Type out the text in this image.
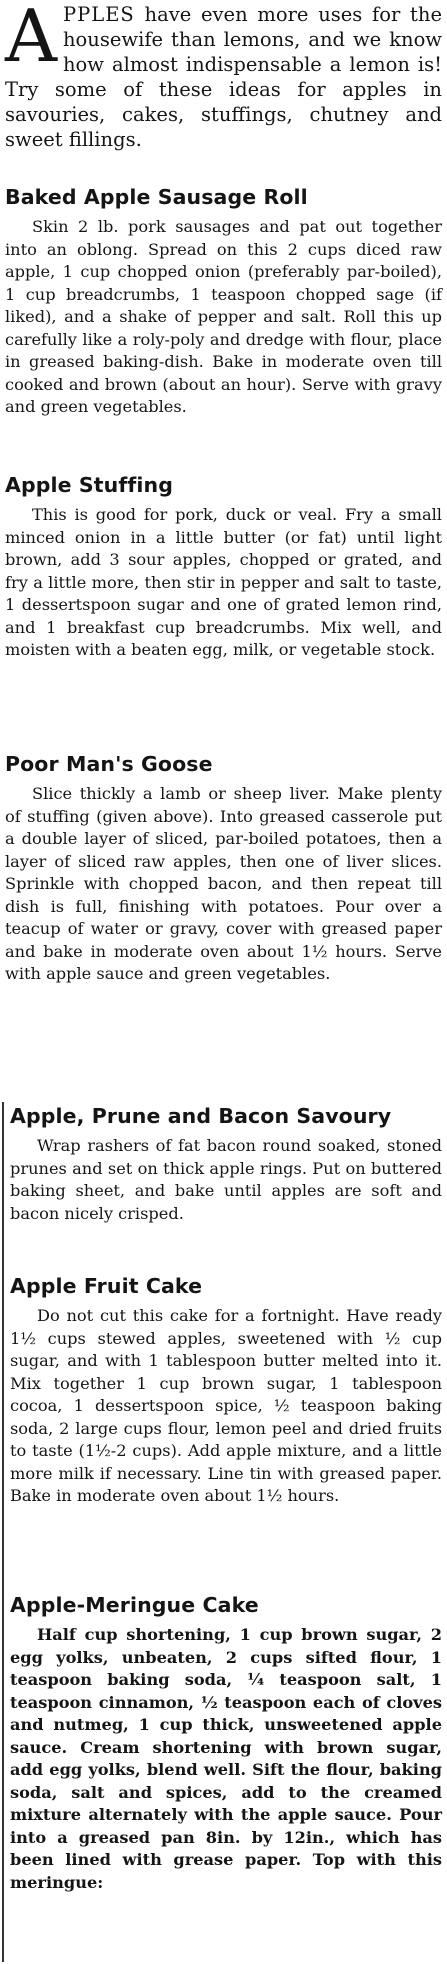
A PPLES have even more uses for the housewife than lemons, and we know how almost indispensable a lemon is! Try some of these ideas for apples in savouries, cakes, stuffings, chutney and sweet fillings.

Baked Apple Sausage Roll

Skin 2 lb. pork sausages and pat out together into an oblong. Spread on this 2 cups diced raw apple, 1 cup chopped onion (preferably par-boiled), 1 cup breadcrumbs, 1 teaspoon chopped sage (if liked), and a shake of pepper and salt. Roll this up carefully like a roly-poly and dredge with flour, place in greased baking-dish. Bake in moderate oven till cooked and brown (about an hour). Serve with gravy and green vegetables.

Apple Stuffing

This is good for pork, duck or veal. Fry a small minced onion in a little butter (or fat) until light brown, add 3 sour apples, chopped or grated, and fry a little more, then stir in pepper and salt to taste, 1 dessertspoon sugar and one of grated lemon rind, and 1 breakfast cup breadcrumbs. Mix well, and moisten with a beaten egg, milk, or vegetable stock.

Poor Man's Goose

Slice thickly a lamb or sheep liver. Make plenty of stuffing (given above). Into greased casserole put a double layer of sliced, par-boiled potatoes, then a layer of sliced raw apples, then one of liver slices. Sprinkle with chopped bacon, and then repeat till dish is full, finishing with potatoes. Pour over a teacup of water or gravy, cover with greased paper and bake in moderate oven about 1½ hours. Serve with apple sauce and green vegetables.

Apple, Prune and Bacon Savoury

Wrap rashers of fat bacon round soaked, stoned prunes and set on thick apple rings. Put on buttered baking sheet, and bake until apples are soft and bacon nicely crisped.

Apple Fruit Cake

Do not cut this cake for a fortnight. Have ready 1½ cups stewed apples, sweetened with ½ cup sugar, and with 1 tablespoon butter melted into it. Mix together 1 cup brown sugar, 1 tablespoon cocoa, 1 dessertspoon spice, ½ teaspoon baking soda, 2 large cups flour, lemon peel and dried fruits to taste (1½-2 cups). Add apple mixture, and a little more milk if necessary. Line tin with greased paper. Bake in moderate oven about 1½ hours.

Apple-Meringue Cake

Half cup shortening, 1 cup brown sugar, 2 egg yolks, unbeaten, 2 cups sifted flour, 1 teaspoon baking soda, ¼ teaspoon salt, 1 teaspoon cinnamon, ½ teaspoon each of cloves and nutmeg, 1 cup thick, unsweetened apple sauce. Cream shortening with brown sugar, add egg yolks, blend well. Sift the flour, baking soda, salt and spices, add to the creamed mixture alternately with the apple sauce. Pour into a greased pan 8in. by 12in., which has been lined with grease paper. Top with this meringue:
